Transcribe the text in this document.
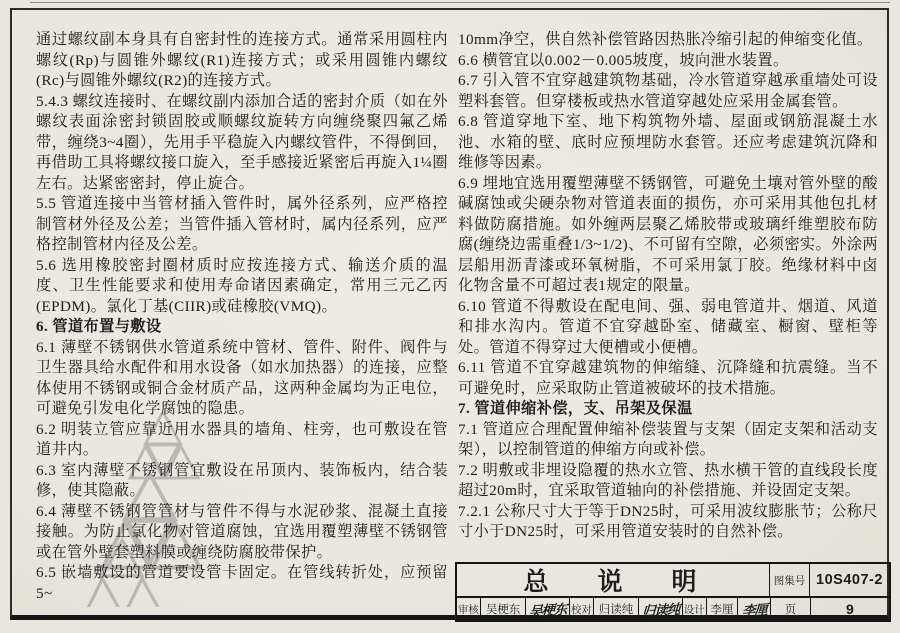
通过螺纹副本身具有自密封性的连接方式。通常采用圆柱内螺纹(Rp)与圆锥外螺纹(R1)连接方式；或采用圆锥内螺纹(Rc)与圆锥外螺纹(R2)的连接方式。

5.4.3 螺纹连接时、在螺纹副内添加合适的密封介质（如在外螺纹表面涂密封锁固胶或顺螺纹旋转方向缠绕聚四氟乙烯带，缠绕3~4圈），先用手平稳旋入内螺纹管件，不得倒回，再借助工具将螺纹接口旋入，至手感接近紧密后再旋入1¼圈左右。达紧密密封，停止旋合。

5.5 管道连接中当管材插入管件时，属外径系列，应严格控制管材外径及公差；当管件插入管材时，属内径系列，应严格控制管材内径及公差。

5.6 选用橡胶密封圈材质时应按连接方式、输送介质的温度、卫生性能要求和使用寿命诸因素确定，常用三元乙丙(EPDM)。氯化丁基(CIIR)或硅橡胶(VMQ)。

6. 管道布置与敷设

6.1 薄壁不锈钢供水管道系统中管材、管件、附件、阀件与卫生器具给水配件和用水设备（如水加热器）的连接，应整体使用不锈钢或铜合金材质产品，这两种金属均为正电位，可避免引发电化学腐蚀的隐患。

6.2 明装立管应靠近用水器具的墙角、柱旁，也可敷设在管道井内。

6.3 室内薄壁不锈钢管宜敷设在吊顶内、装饰板内，结合装修，使其隐蔽。

6.4 薄壁不锈钢管管材与管件不得与水泥砂浆、混凝土直接接触。为防止氯化物对管道腐蚀，宜选用覆塑薄壁不锈钢管或在管外壁套塑料膜或缠绕防腐胶带保护。

6.5 嵌墙敷设的管道要设管卡固定。在管线转折处，应预留5~

10mm净空，供自然补偿管路因热胀冷缩引起的伸缩变化值。

6.6 横管宜以0.002－0.005坡度，坡向泄水装置。

6.7 引入管不宜穿越建筑物基础，冷水管道穿越承重墙处可设塑料套管。但穿楼板或热水管道穿越处应采用金属套管。

6.8 管道穿地下室、地下构筑物外墙、屋面或钢筋混凝土水池、水箱的壁、底时应预埋防水套管。还应考虑建筑沉降和维修等因素。

6.9 埋地宜选用覆塑薄壁不锈钢管，可避免土壤对管外壁的酸碱腐蚀或尖硬杂物对管道表面的损伤，亦可采用其他包扎材料做防腐措施。如外缠两层聚乙烯胶带或玻璃纤维塑胶布防腐(缠绕边需重叠1/3~1/2)、不可留有空隙，必须密实。外涂两层船用沥青漆或环氧树脂，不可采用氯丁胶。绝缘材料中卤化物含量不可超过表1规定的限量。

6.10 管道不得敷设在配电间、强、弱电管道井、烟道、风道和排水沟内。管道不宜穿越卧室、储藏室、橱窗、壁柜等处。管道不得穿过大便槽或小便槽。

6.11 管道不宜穿越建筑物的伸缩缝、沉降缝和抗震缝。当不可避免时，应采取防止管道被破坏的技术措施。

7. 管道伸缩补偿，支、吊架及保温

7.1 管道应合理配置伸缩补偿装置与支架（固定支架和活动支架），以控制管道的伸缩方向或补偿。

7.2 明敷或非埋设隐覆的热水立管、热水横干管的直线段长度超过20m时，宜采取管道轴向的补偿措施、并设固定支架。

7.2.1 公称尺寸大于等于DN25时，可采用波纹膨胀节；公称尺寸小于DN25时，可采用管道安装时的自然补偿。

总 说 明	图集号 10S407-2
审核 吴梗东 吴梗东 校对 归读纯 归读纯 设计 李厘 李厘	页	9
